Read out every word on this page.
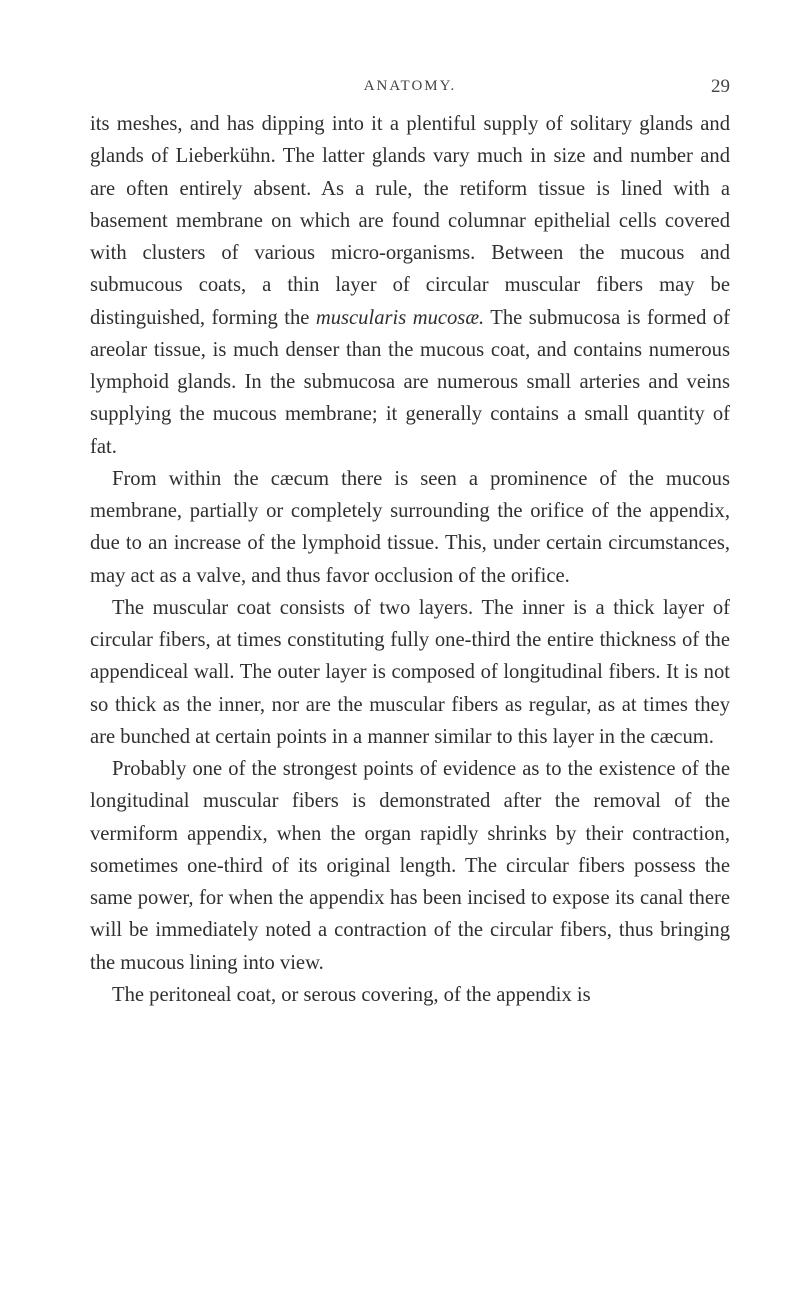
ANATOMY.	29

its meshes, and has dipping into it a plentiful supply of solitary glands and glands of Lieberkühn. The latter glands vary much in size and number and are often entirely absent. As a rule, the retiform tissue is lined with a basement membrane on which are found columnar epithelial cells covered with clusters of various micro-organisms. Between the mucous and submucous coats, a thin layer of circular muscular fibers may be distinguished, forming the muscularis mucosæ. The submucosa is formed of areolar tissue, is much denser than the mucous coat, and contains numerous lymphoid glands. In the submucosa are numerous small arteries and veins supplying the mucous membrane; it generally contains a small quantity of fat.

From within the cæcum there is seen a prominence of the mucous membrane, partially or completely surrounding the orifice of the appendix, due to an increase of the lymphoid tissue. This, under certain circumstances, may act as a valve, and thus favor occlusion of the orifice.

The muscular coat consists of two layers. The inner is a thick layer of circular fibers, at times constituting fully one-third the entire thickness of the appendiceal wall. The outer layer is composed of longitudinal fibers. It is not so thick as the inner, nor are the muscular fibers as regular, as at times they are bunched at certain points in a manner similar to this layer in the cæcum.

Probably one of the strongest points of evidence as to the existence of the longitudinal muscular fibers is demonstrated after the removal of the vermiform appendix, when the organ rapidly shrinks by their contraction, sometimes one-third of its original length. The circular fibers possess the same power, for when the appendix has been incised to expose its canal there will be immediately noted a contraction of the circular fibers, thus bringing the mucous lining into view.

The peritoneal coat, or serous covering, of the appendix is
